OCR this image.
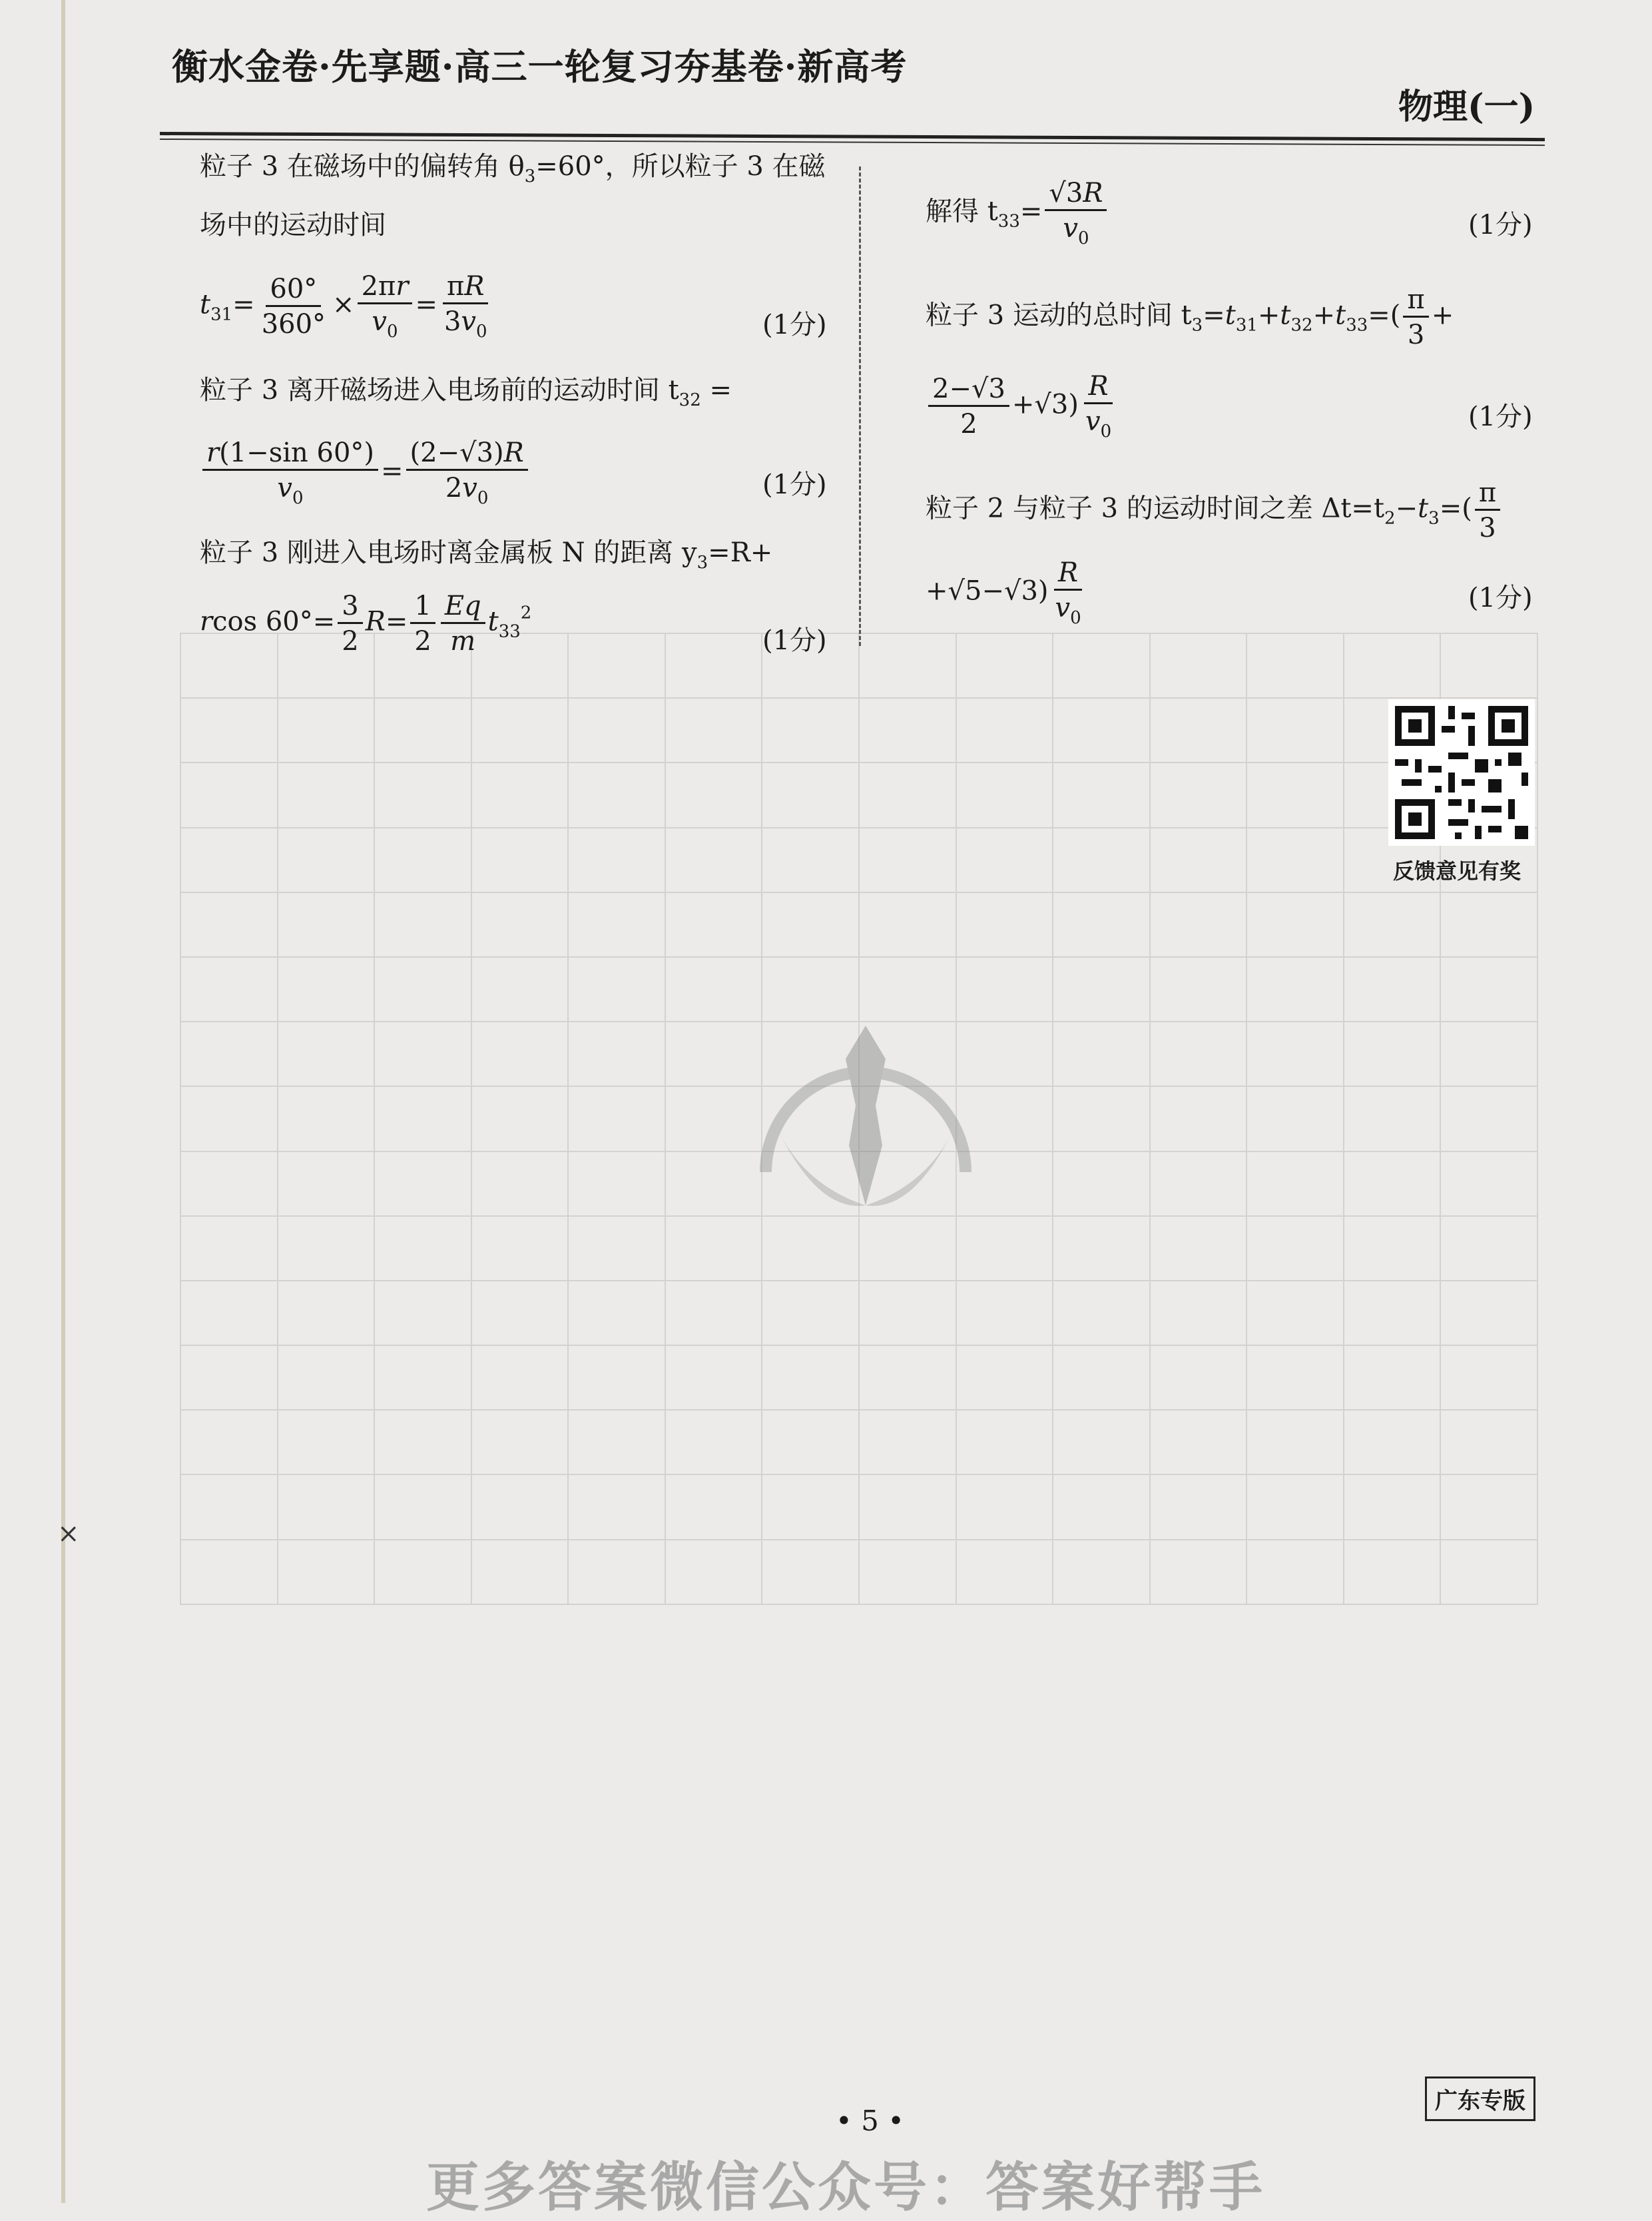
×
衡水金卷·先享题·高三一轮复习夯基卷·新高考
物理(一)

粒子 3 在磁场中的偏转角 $\theta_3=60^\circ$，所以粒子 3 在磁
场中的运动时间
$t_{31}= \frac{60^\circ}{360^\circ} \times \frac{2\pi r}{v_0} = \frac{\pi R}{3v_0}$	(1分)
粒子 3 离开磁场进入电场前的运动时间 $t_{32}$ =
$\frac{r(1-\sin 60^\circ)}{v_0} = \frac{(2-√3)R}{2v_0}$	(1分)
粒子 3 刚进入电场时离金属板 N 的距离 $y_3=R+$
rcos $60^\circ= \frac{3}{2} R= \frac{1}{2} \frac{Eq}{m} t_{33}^2$
(1分)
解得 $t_{33}= \frac{√3R}{v_0}$	(1分)
粒子 3 运动的总时间 $t_3=t_{31}+t_{32}+t_{33}=( \frac{\pi}{3}$ +
$\frac{2-√3}{2} +√3) \frac{R}{v_0}$	(1分)
粒子 2 与粒子 3 的运动时间之差 $\Delta t=t_2-t_3=( \frac{\pi}{3}$
$+√5-√3) \frac{R}{v_0}$	(1分)
反馈意见有奖
• 5 •
广东专版
更多答案微信公众号：答案好帮手
